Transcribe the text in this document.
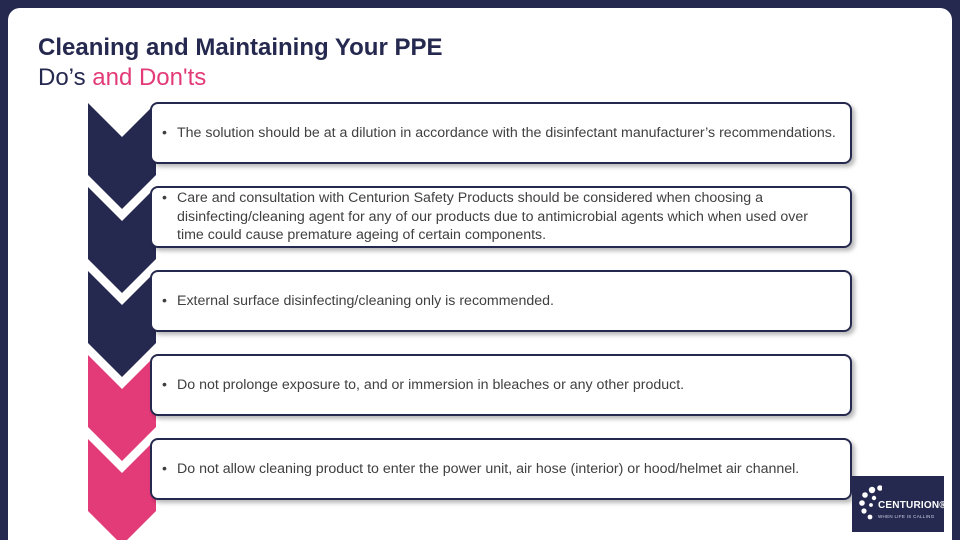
Cleaning and Maintaining Your PPE
Do’s and Don'ts
• The solution should be at a dilution in accordance with the disinfectant manufacturer’s recommendations.
• Care and consultation with Centurion Safety Products should be considered when choosing a disinfecting/cleaning agent for any of our products due to antimicrobial agents which when used over time could cause premature ageing of certain components.
• External surface disinfecting/cleaning only is recommended.
• Do not prolonge exposure to, and or immersion in bleaches or any other product.
• Do not allow cleaning product to enter the power unit, air hose (interior) or hood/helmet air channel.
CENTURION®
WHEN LIFE IS CALLING
